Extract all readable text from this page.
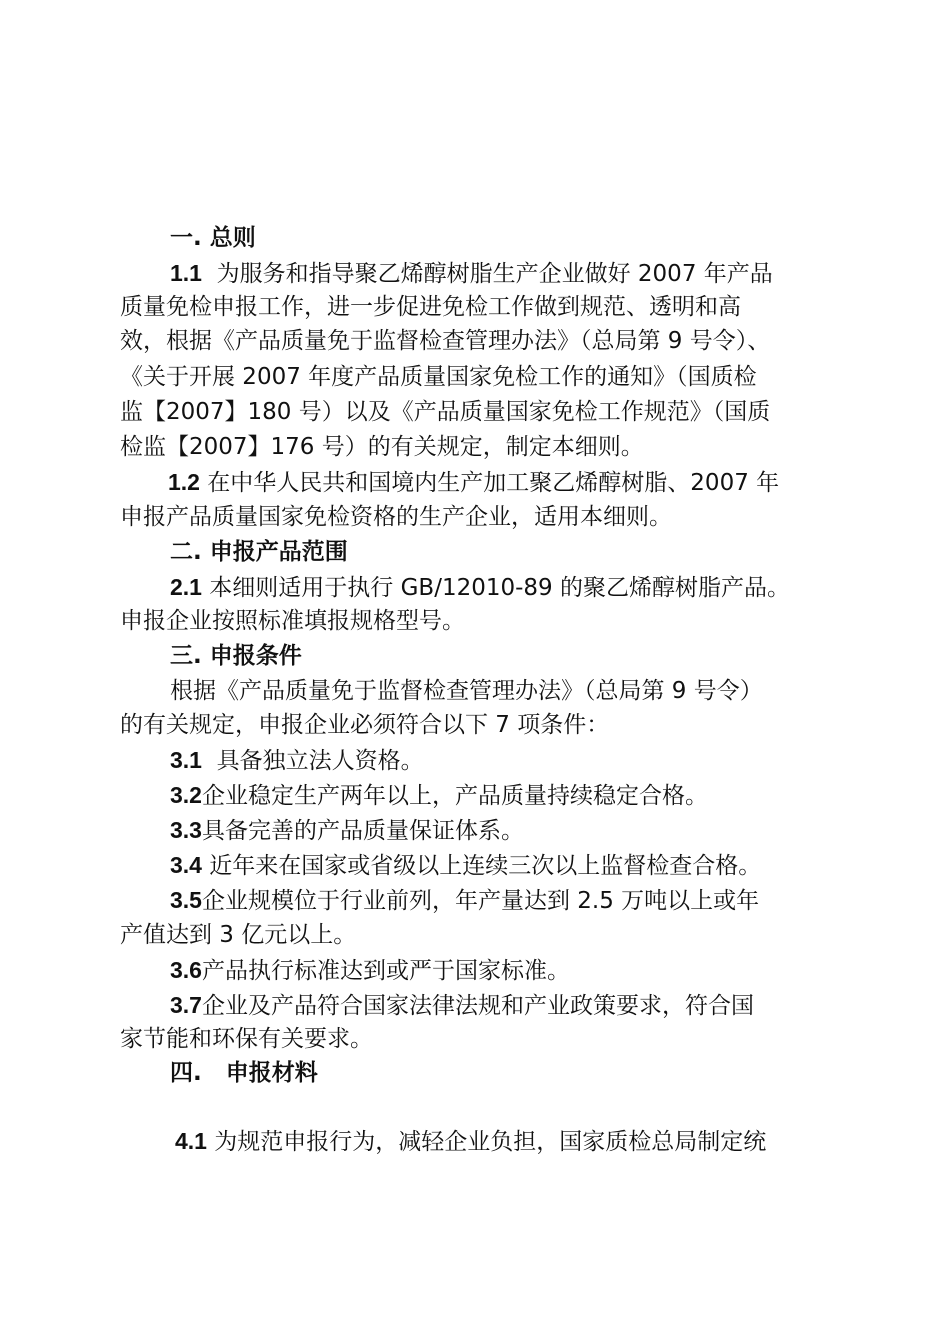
一. 总则
1.1 为服务和指导聚乙烯醇树脂生产企业做好 2007 年产品
质量免检申报工作，进一步促进免检工作做到规范、透明和高
效，根据《产品质量免于监督检查管理办法》（总局第 9 号令）、
《关于开展 2007 年度产品质量国家免检工作的通知》（国质检
监【2007】180 号）以及《产品质量国家免检工作规范》（国质
检监【2007】176 号）的有关规定，制定本细则。
1.2 在中华人民共和国境内生产加工聚乙烯醇树脂、2007 年
申报产品质量国家免检资格的生产企业，适用本细则。
二. 申报产品范围
2.1 本细则适用于执行 GB/12010-89 的聚乙烯醇树脂产品。
申报企业按照标准填报规格型号。
三. 申报条件
根据《产品质量免于监督检查管理办法》（总局第 9 号令）
的有关规定，申报企业必须符合以下 7 项条件：
3.1 具备独立法人资格。
3.2企业稳定生产两年以上，产品质量持续稳定合格。
3.3具备完善的产品质量保证体系。
3.4 近年来在国家或省级以上连续三次以上监督检查合格。
3.5企业规模位于行业前列，年产量达到 2.5 万吨以上或年
产值达到 3 亿元以上。
3.6产品执行标准达到或严于国家标准。
3.7企业及产品符合国家法律法规和产业政策要求，符合国
家节能和环保有关要求。
四.   申报材料
4.1 为规范申报行为，减轻企业负担，国家质检总局制定统
